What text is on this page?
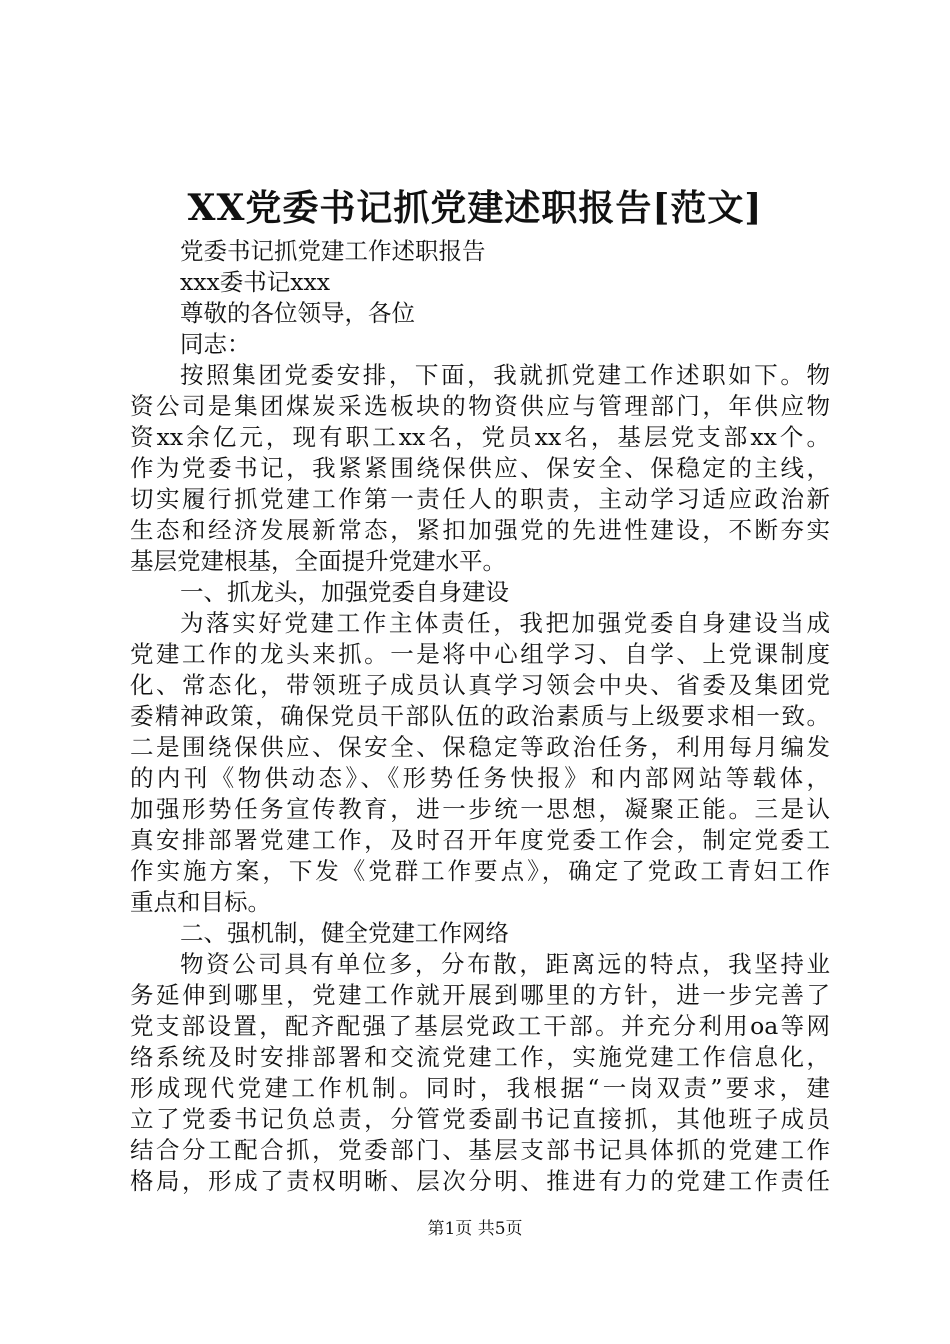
XX党委书记抓党建述职报告[范文]
党委书记抓党建工作述职报告
xxx委书记xxx
尊敬的各位领导，各位
同志：
按照集团党委安排，下面，我就抓党建工作述职如下。物
资公司是集团煤炭采选板块的物资供应与管理部门，年供应物
资xx余亿元，现有职工xx名，党员xx名，基层党支部xx个。
作为党委书记，我紧紧围绕保供应、保安全、保稳定的主线，
切实履行抓党建工作第一责任人的职责，主动学习适应政治新
生态和经济发展新常态，紧扣加强党的先进性建设，不断夯实
基层党建根基，全面提升党建水平。
一、抓龙头，加强党委自身建设
为落实好党建工作主体责任，我把加强党委自身建设当成
党建工作的龙头来抓。一是将中心组学习、自学、上党课制度
化、常态化，带领班子成员认真学习领会中央、省委及集团党
委精神政策，确保党员干部队伍的政治素质与上级要求相一致。
二是围绕保供应、保安全、保稳定等政治任务，利用每月编发
的内刊《物供动态》、《形势任务快报》和内部网站等载体，
加强形势任务宣传教育，进一步统一思想，凝聚正能。三是认
真安排部署党建工作，及时召开年度党委工作会，制定党委工
作实施方案，下发《党群工作要点》，确定了党政工青妇工作
重点和目标。
二、强机制，健全党建工作网络
物资公司具有单位多，分布散，距离远的特点，我坚持业
务延伸到哪里，党建工作就开展到哪里的方针，进一步完善了
党支部设置，配齐配强了基层党政工干部。并充分利用oa等网
络系统及时安排部署和交流党建工作，实施党建工作信息化，
形成现代党建工作机制。同时，我根据“一岗双责”要求，建
立了党委书记负总责，分管党委副书记直接抓，其他班子成员
结合分工配合抓，党委部门、基层支部书记具体抓的党建工作
格局，形成了责权明晰、层次分明、推进有力的党建工作责任
第1页 共5页
